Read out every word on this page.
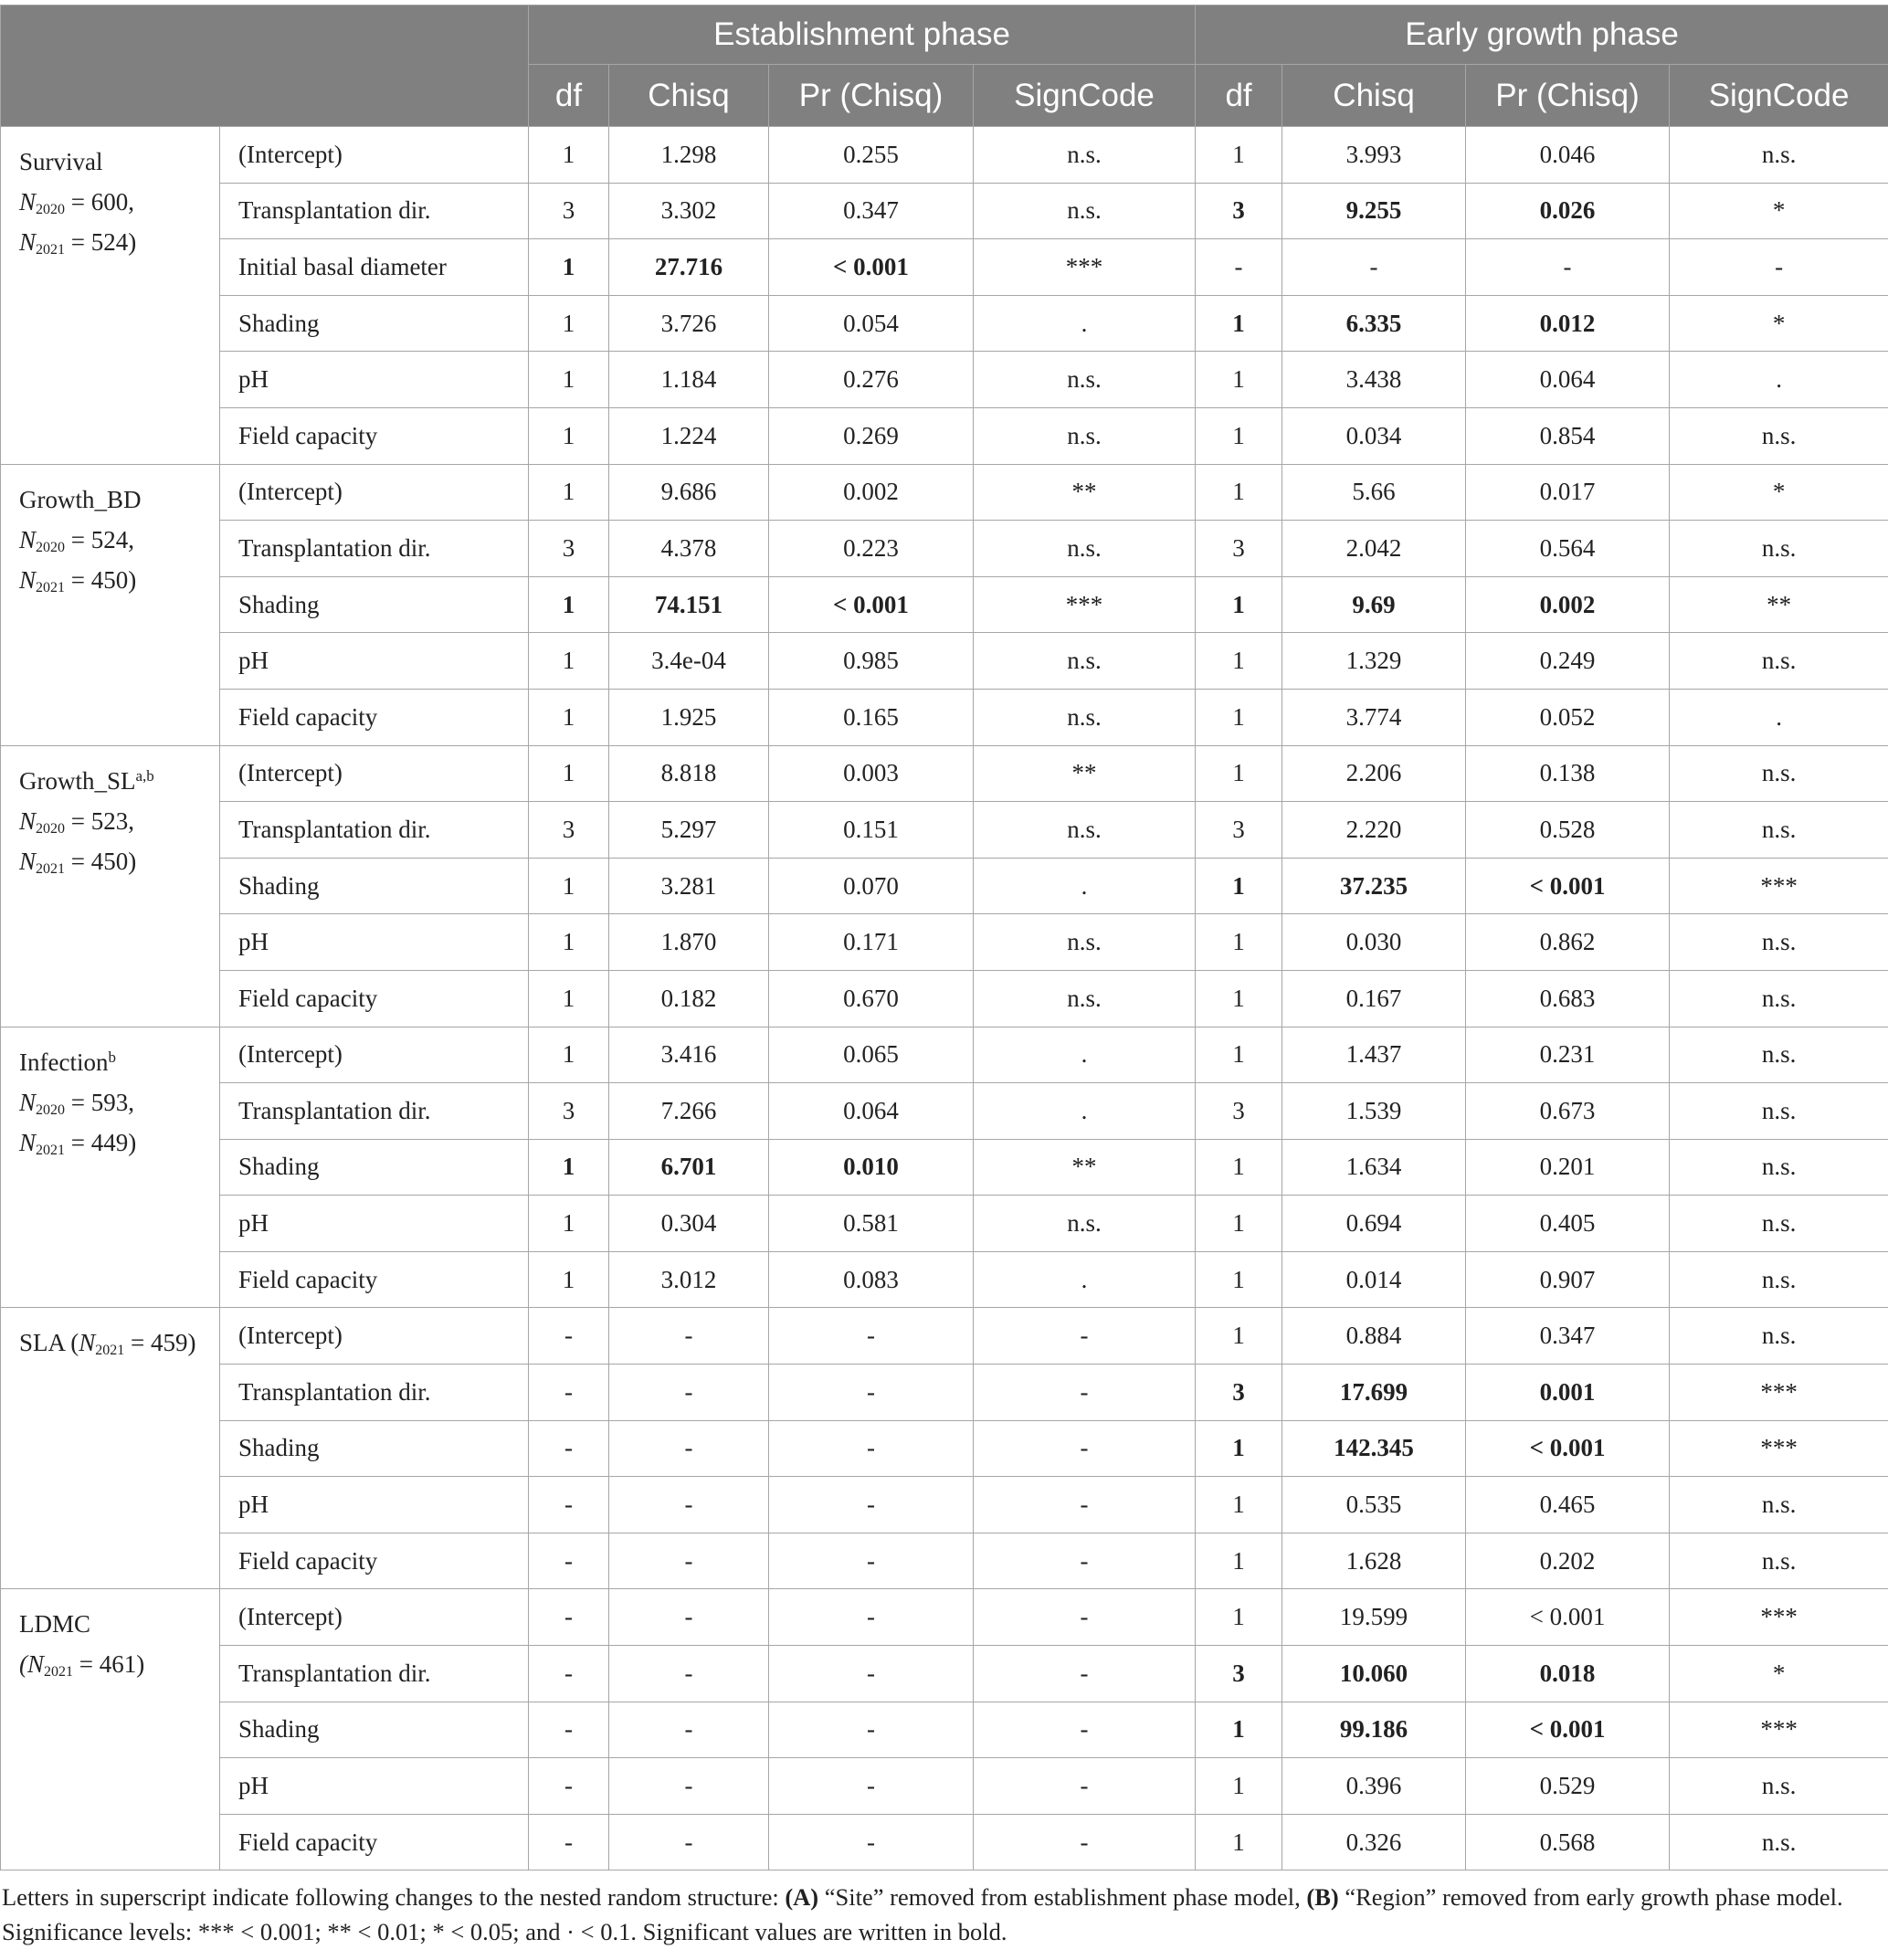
		Establishment phase				Early growth phase			
		df	Chisq	Pr (Chisq)	SignCode	df	Chisq	Pr (Chisq)	SignCode
Survival
$N_{2020} = 600$,
$N_{2021} = 524$)	(Intercept)	1	1.298	0.255	n.s.	1	3.993	0.046	n.s.
	Transplantation dir.	3	3.302	0.347	n.s.	3	9.255	0.026	*
	Initial basal diameter	1	27.716	< 0.001	***	-	-	-	-
	Shading	1	3.726	0.054	.	1	6.335	0.012	*
	pH	1	1.184	0.276	n.s.	1	3.438	0.064	.
	Field capacity	1	1.224	0.269	n.s.	1	0.034	0.854	n.s.
Growth_BD
$N_{2020} = 524$,
$N_{2021} = 450$)	(Intercept)	1	9.686	0.002	**	1	5.66	0.017	*
	Transplantation dir.	3	4.378	0.223	n.s.	3	2.042	0.564	n.s.
	Shading	1	74.151	< 0.001	***	1	9.69	0.002	**
	pH	1	3.4e-04	0.985	n.s.	1	1.329	0.249	n.s.
	Field capacity	1	1.925	0.165	n.s.	1	3.774	0.052	.
Growth_SL$^{a,b}$
$N_{2020} = 523$,
$N_{2021} = 450$)	(Intercept)	1	8.818	0.003	**	1	2.206	0.138	n.s.
	Transplantation dir.	3	5.297	0.151	n.s.	3	2.220	0.528	n.s.
	Shading	1	3.281	0.070	.	1	37.235	< 0.001	***
	pH	1	1.870	0.171	n.s.	1	0.030	0.862	n.s.
	Field capacity	1	0.182	0.670	n.s.	1	0.167	0.683	n.s.
Infection$^b$
$N_{2020} = 593$,
$N_{2021} = 449$)	(Intercept)	1	3.416	0.065	.	1	1.437	0.231	n.s.
	Transplantation dir.	3	7.266	0.064	.	3	1.539	0.673	n.s.
	Shading	1	6.701	0.010	**	1	1.634	0.201	n.s.
	pH	1	0.304	0.581	n.s.	1	0.694	0.405	n.s.
	Field capacity	1	3.012	0.083	.	1	0.014	0.907	n.s.
SLA $(N_{2021} = 459)$	(Intercept)	-	-	-	-	1	0.884	0.347	n.s.
	Transplantation dir.	-	-	-	-	3	17.699	0.001	***
	Shading	-	-	-	-	1	142.345	< 0.001	***
	pH	-	-	-	-	1	0.535	0.465	n.s.
	Field capacity	-	-	-	-	1	1.628	0.202	n.s.
LDMC
$(N_{2021} = 461)$	(Intercept)	-	-	-	-	1	19.599	< 0.001	***
	Transplantation dir.	-	-	-	-	3	10.060	0.018	*
	Shading	-	-	-	-	1	99.186	< 0.001	***
	pH	-	-	-	-	1	0.396	0.529	n.s.
	Field capacity	-	-	-	-	1	0.326	0.568	n.s.
Letters in superscript indicate following changes to the nested random structure: (A) “Site” removed from establishment phase model, (B) “Region” removed from early growth phase model.
Significance levels: *** < 0.001; ** < 0.01; * < 0.05; and · < 0.1. Significant values are written in bold.
